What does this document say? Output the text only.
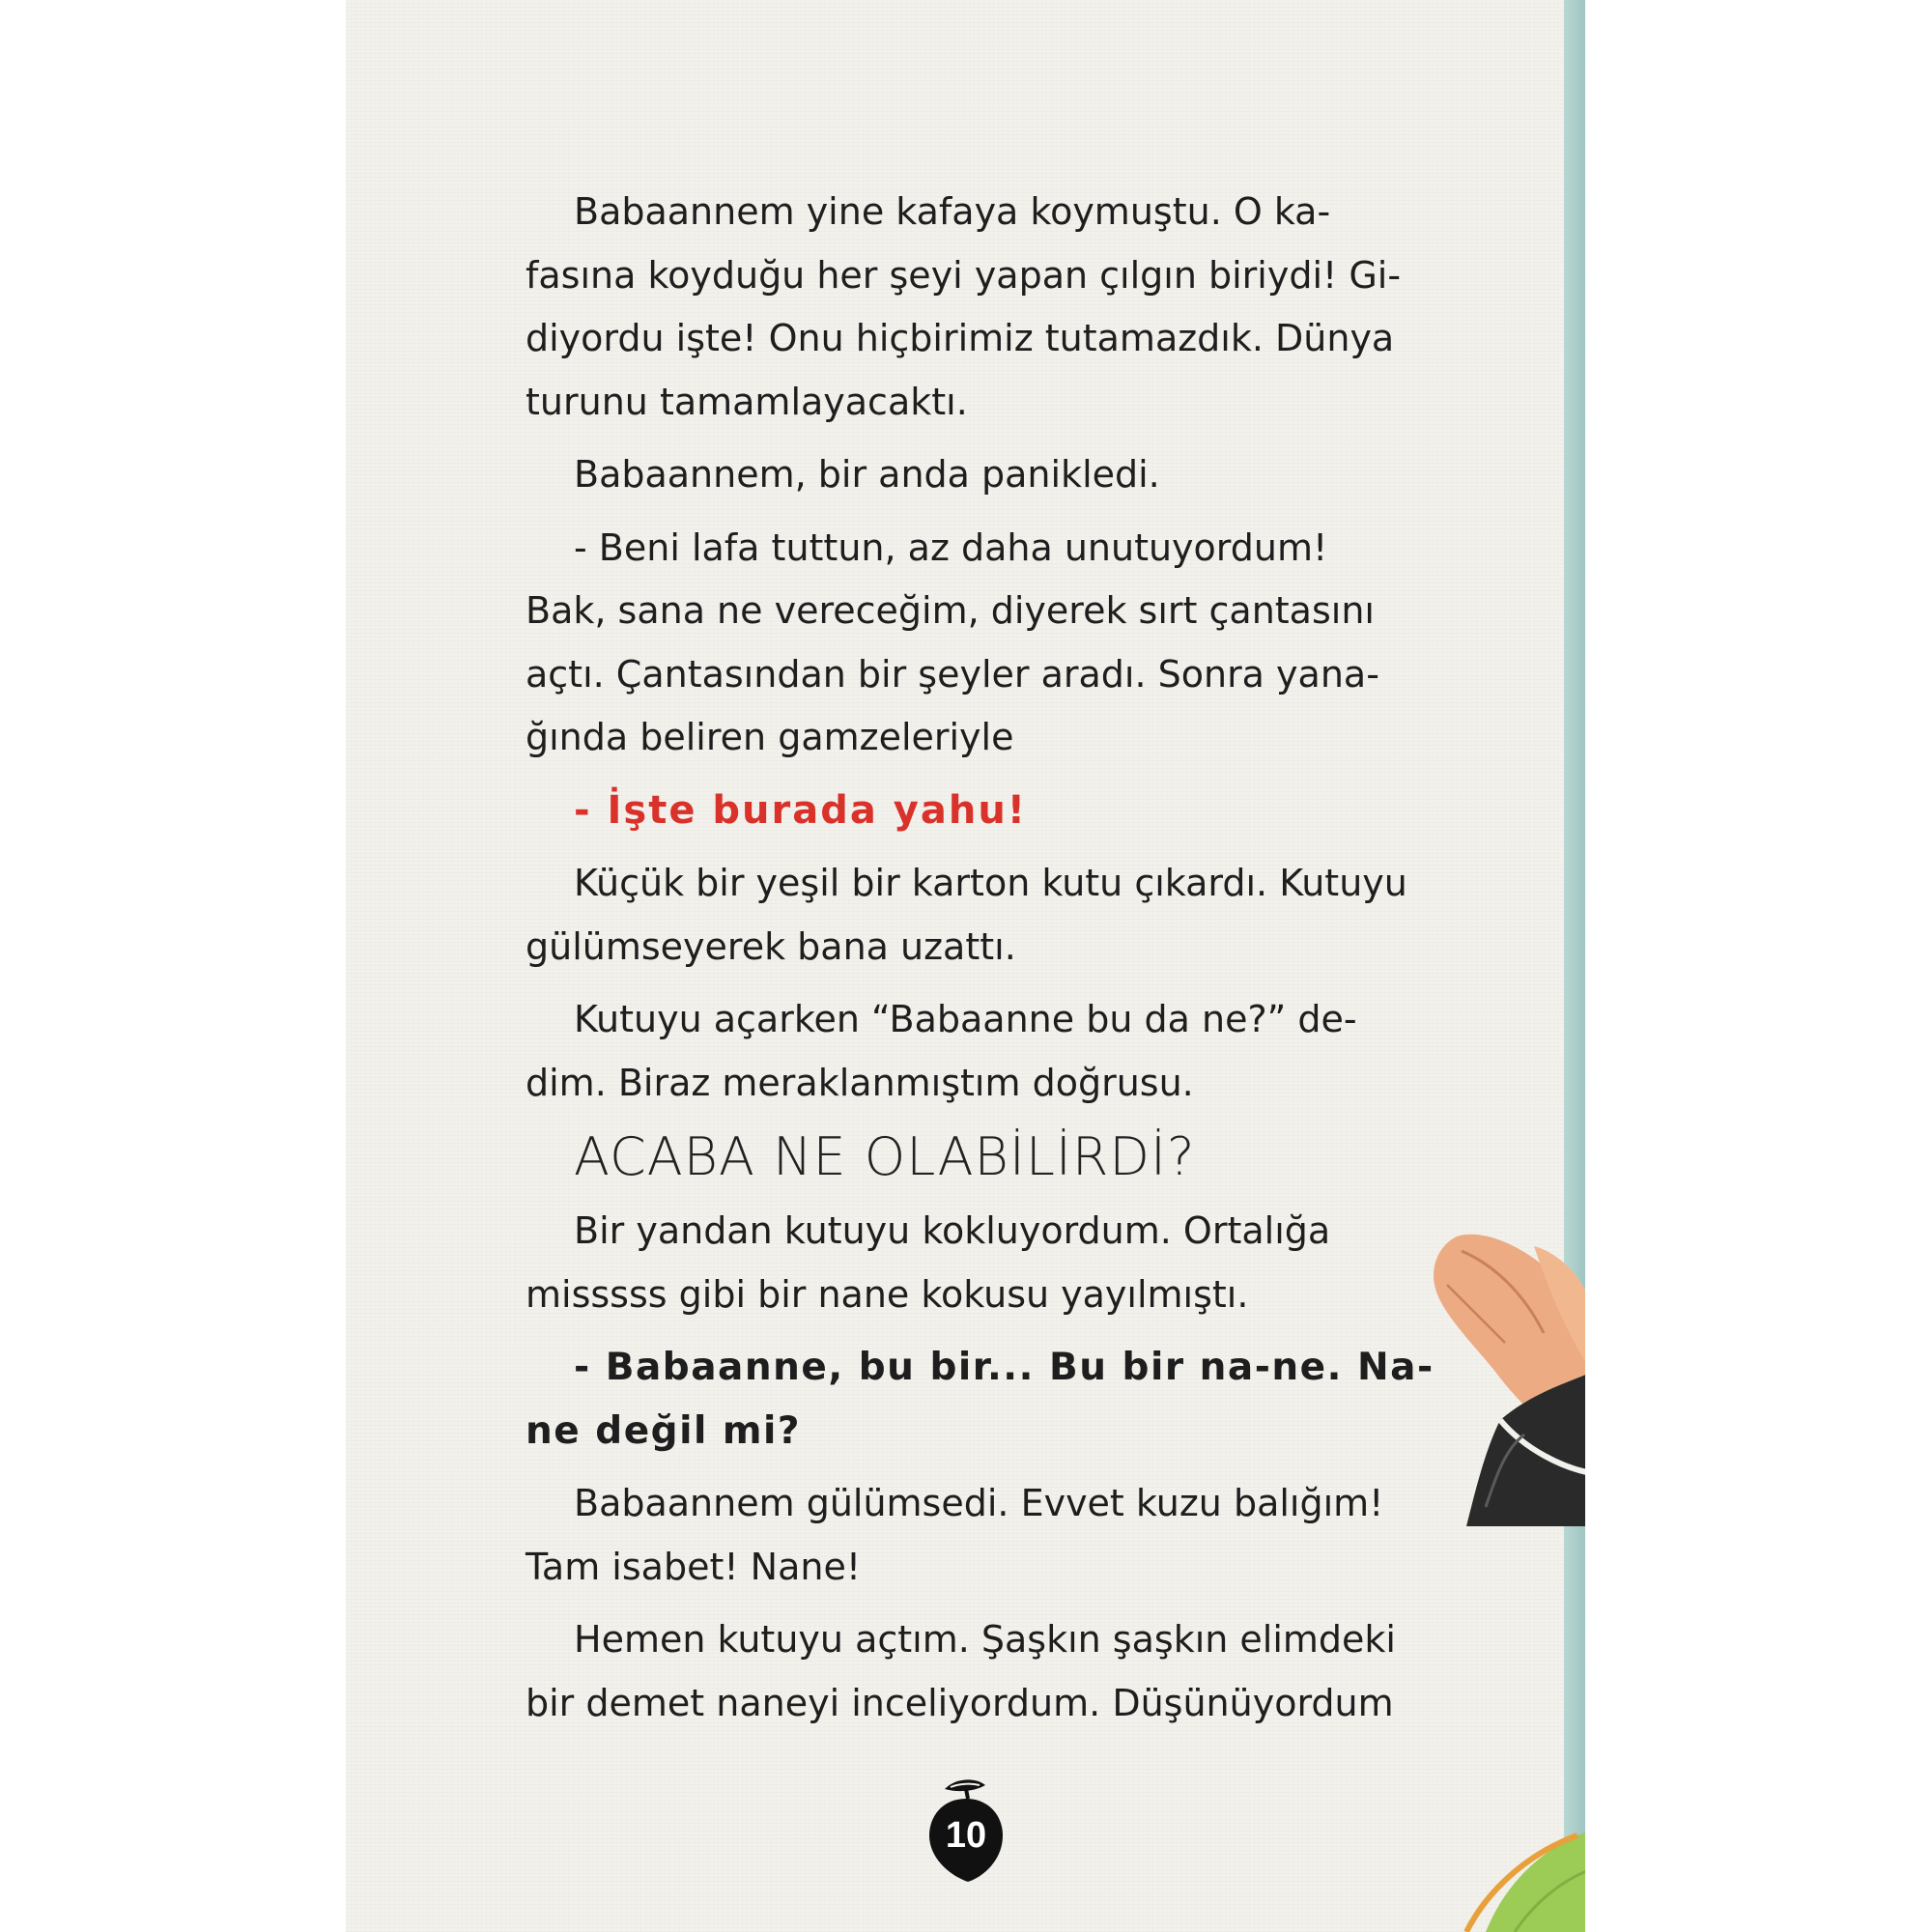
Babaannem yine kafaya koymuştu. O ka-
fasına koyduğu her şeyi yapan çılgın biriydi! Gi-
diyordu işte! Onu hiçbirimiz tutamazdık. Dünya
turunu tamamlayacaktı.

Babaannem, bir anda panikledi.

- Beni lafa tuttun, az daha unutuyordum!
Bak, sana ne vereceğim, diyerek sırt çantasını
açtı. Çantasından bir şeyler aradı. Sonra yana-
ğında beliren gamzeleriyle

- İşte burada yahu!

Küçük bir yeşil bir karton kutu çıkardı. Kutuyu
gülümseyerek bana uzattı.

Kutuyu açarken “Babaanne bu da ne?” de-
dim. Biraz meraklanmıştım doğrusu.

ACABA NE OLABİLİRDİ?

Bir yandan kutuyu kokluyordum. Ortalığa
misssss gibi bir nane kokusu yayılmıştı.

- Babaanne, bu bir... Bu bir na-ne. Na-
ne değil mi?

Babaannem gülümsedi. Evvet kuzu balığım!
Tam isabet! Nane!

Hemen kutuyu açtım. Şaşkın şaşkın elimdeki
bir demet naneyi inceliyordum. Düşünüyordum

10
